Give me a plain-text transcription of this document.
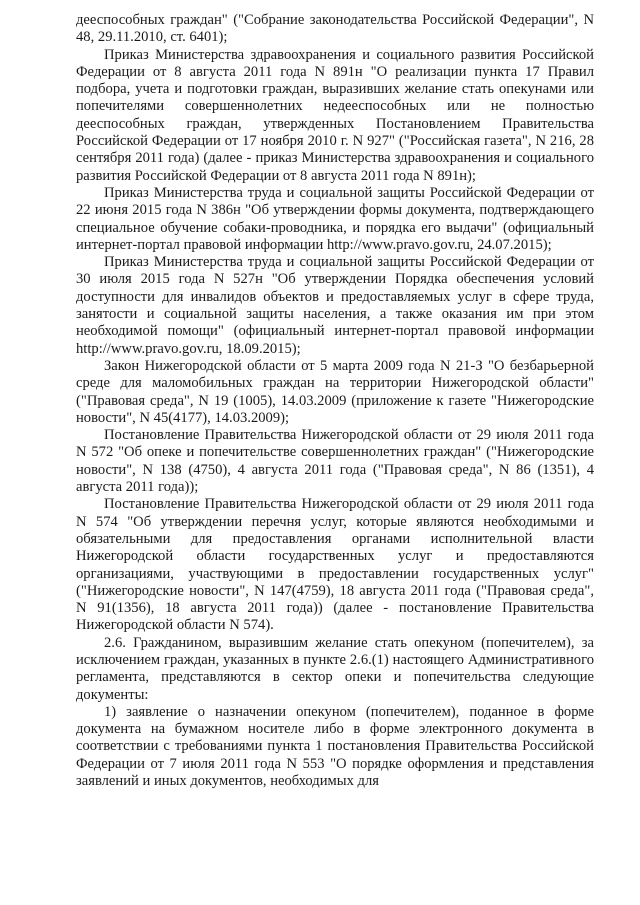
дееспособных граждан" ("Собрание законодательства Российской Федерации", N 48, 29.11.2010, ст. 6401);

Приказ Министерства здравоохранения и социального развития Российской Федерации от 8 августа 2011 года N 891н "О реализации пункта 17 Правил подбора, учета и подготовки граждан, выразивших желание стать опекунами или попечителями совершеннолетних недееспособных или не полностью дееспособных граждан, утвержденных Постановлением Правительства Российской Федерации от 17 ноября 2010 г. N 927" ("Российская газета", N 216, 28 сентября 2011 года) (далее - приказ Министерства здравоохранения и социального развития Российской Федерации от 8 августа 2011 года N 891н);

Приказ Министерства труда и социальной защиты Российской Федерации от 22 июня 2015 года N 386н "Об утверждении формы документа, подтверждающего специальное обучение собаки-проводника, и порядка его выдачи" (официальный интернет-портал правовой информации http://www.pravo.gov.ru, 24.07.2015);

Приказ Министерства труда и социальной защиты Российской Федерации от 30 июля 2015 года N 527н "Об утверждении Порядка обеспечения условий доступности для инвалидов объектов и предоставляемых услуг в сфере труда, занятости и социальной защиты населения, а также оказания им при этом необходимой помощи" (официальный интернет-портал правовой информации http://www.pravo.gov.ru, 18.09.2015);

Закон Нижегородской области от 5 марта 2009 года N 21-З "О безбарьерной среде для маломобильных граждан на территории Нижегородской области" ("Правовая среда", N 19 (1005), 14.03.2009 (приложение к газете "Нижегородские новости", N 45(4177), 14.03.2009);

Постановление Правительства Нижегородской области от 29 июля 2011 года N 572 "Об опеке и попечительстве совершеннолетних граждан" ("Нижегородские новости", N 138 (4750), 4 августа 2011 года ("Правовая среда", N 86 (1351), 4 августа 2011 года));

Постановление Правительства Нижегородской области от 29 июля 2011 года N 574 "Об утверждении перечня услуг, которые являются необходимыми и обязательными для предоставления органами исполнительной власти Нижегородской области государственных услуг и предоставляются организациями, участвующими в предоставлении государственных услуг" ("Нижегородские новости", N 147(4759), 18 августа 2011 года ("Правовая среда", N 91(1356), 18 августа 2011 года)) (далее - постановление Правительства Нижегородской области N 574).

2.6. Гражданином, выразившим желание стать опекуном (попечителем), за исключением граждан, указанных в пункте 2.6.(1) настоящего Административного регламента, представляются в сектор опеки и попечительства следующие документы:

1) заявление о назначении опекуном (попечителем), поданное в форме документа на бумажном носителе либо в форме электронного документа в соответствии с требованиями пункта 1 постановления Правительства Российской Федерации от 7 июля 2011 года N 553 "О порядке оформления и представления заявлений и иных документов, необходимых для
